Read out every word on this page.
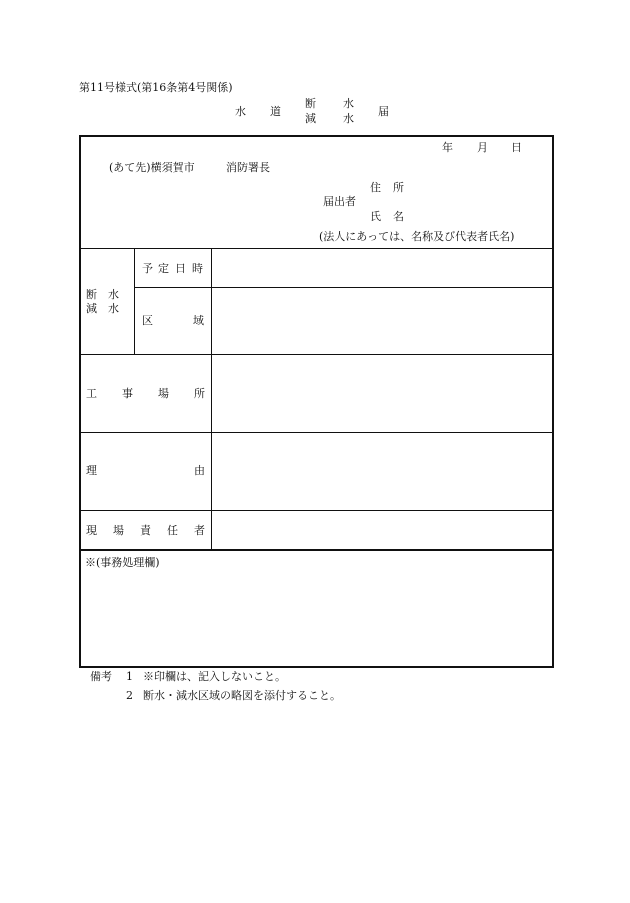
第11号様式(第16条第4号関係)
水 道
断 水
減 水
届
年 月 日
(あて先)横須賀市	消防署長
住 所
届出者
氏 名
(法人にあっては、名称及び代表者氏名)
断　水
減　水
予 定 日 時
区	域
工 事 場 所
理	由
現 場 責 任 者
※(事務処理欄)
備考 1 ※印欄は、記入しないこと。
2 断水・減水区域の略図を添付すること。
